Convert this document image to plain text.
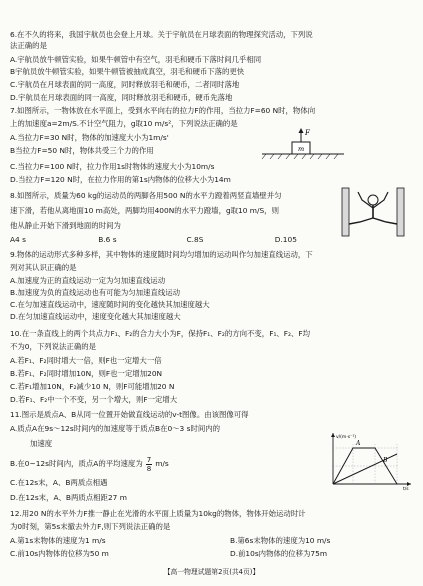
6.在不久的将来，我国宇航员也会登上月球。关于宇航员在月球表面的物理探究活动，下列说
法正确的是
A.宇航员放牛顿管实验，如果牛顿管中有空气，羽毛和硬币下落时间几乎相同
B宇航员放牛顿管实验，如果牛顿管被抽成真空，羽毛和硬币下落的更快
C.宇航员在月球表面的同一高度，同时释放羽毛和硬币，二者同时落地
D.宇航员在月球表面的同一高度，同时释放羽毛和硬币，硬币先落地
7.如图所示，一物体放在水平面上，受到水平向右的拉力F的作用，当拉力F=60 N时，物体向
上的加速度a=2m/S.不计空气阻力，g取10 m/s²，下列说法正确的是
A.当拉力F=30 N时，物体的加速度大小为1m/s'
B当拉力F=50 N时，物体共受三个力的作用
C.当拉力F=100 N时，拉力作用1s时物体的速度大小为10m/s
D.当拉力F=120 N时，在拉力作用的第1s内物体的位移大小为14m
F
m
8.如图所示，质量为60 kg的运动员的两脚各用500 N的水平力蹬着两竖直墙壁并匀
速下滑，若他从离地面10 m高处，两脚均用400N的水平力蹬墙，g取10 m/S，则
他从静止开始下滑到地面的时间为
A4 s	B.6 s	C.8S	D.105
9.物体的运动形式多种多样，其中物体的速度随时间均匀增加的运动叫作匀加速直线运动，下
列对其认识正确的是
A.加速度为正的直线运动一定为匀加速直线运动
B.加速度为负的直线运动也有可能为匀加速直线运动
C.在匀加速直线运动中，速度随时间的变化越快其加速度越大
D.在匀加速直线运动中，速度变化越大其加速度越大
10.在一条直线上的两个共点力F₁、F₂的合力大小为F，保持F₁、F₂的方向不变，F₁、F₂、F均
不为0，下列说法正确的是
A.若F₁、F₂同时增大一倍，则F也一定增大一倍
B.若F₁、F₂同时增加10N，则F也一定增加20N
C.若F₁增加10N，F₂减少10 N，则F可能增加20 N
D.若F₁、F₂中一个不变，另一个增大，则F一定增大
11.图示是质点A、B从同一位置开始做直线运动的v-t图像。由该图像可得
A.质点A在9s～12s时间内的加速度等于质点B在0～3 s时间内的
加速度
B.在0~12s时间内，质点A的平均速度为 $\frac{7}{8} m/s$
C.在12s末，A、B两质点相遇
D.在12s末，A、B两质点相距27 m
v/(m·s⁻¹)
t/s
A
B
12.用20 N的水平外力F推一静止在光滑的水平面上质量为10kg的物体，物体开始运动时计
为0时刻，第5s末撤去外力F,则下列说法正确的是
A.第1s末物体的速度为1 m/s	B.第6s末物体的速度为10 m/s
C.前10s内物体的位移为50 m	D.前10s内物体的位移为75m
【高一物理试题第2页(共4页)】
